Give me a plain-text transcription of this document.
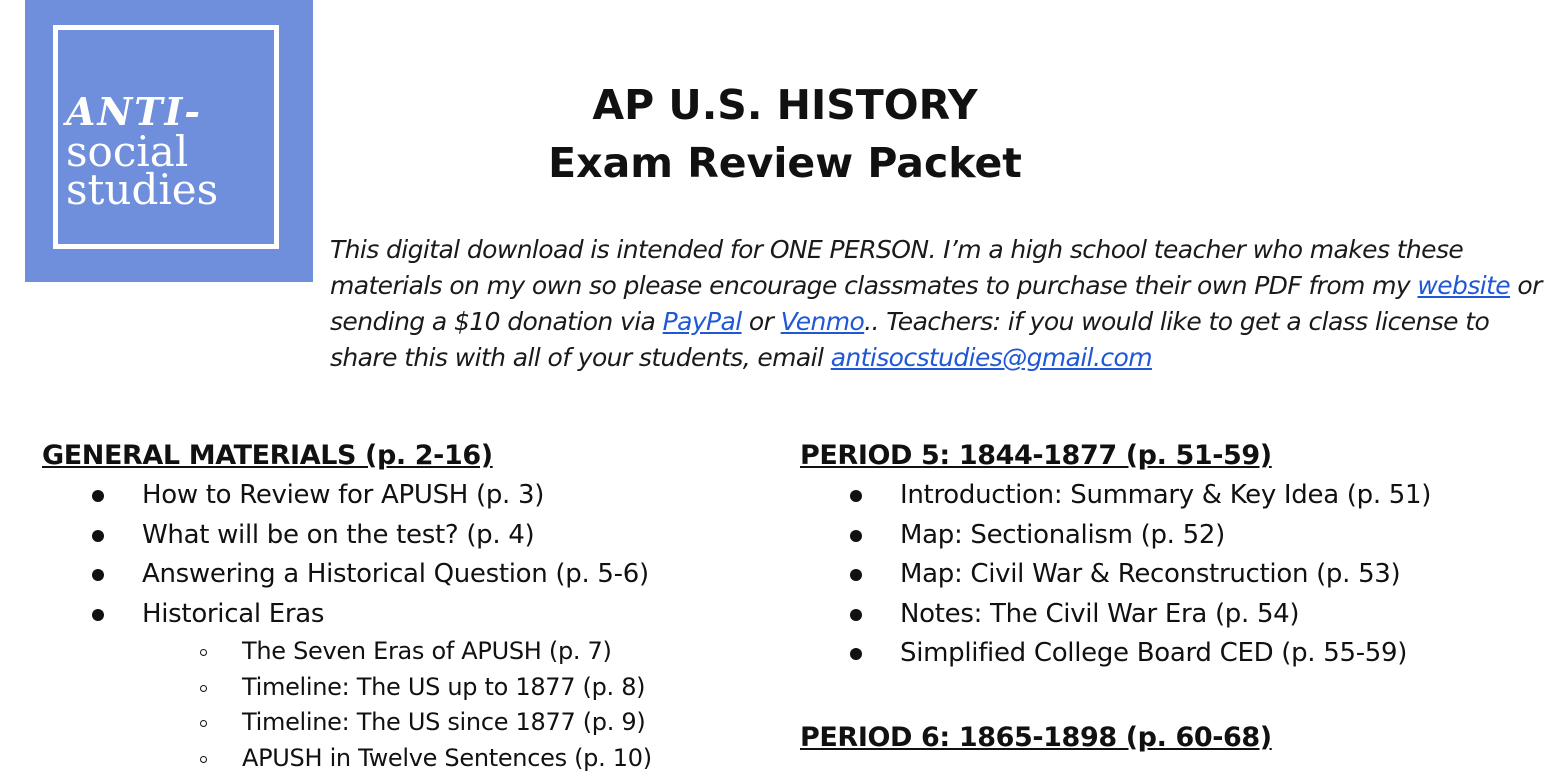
ANTI-
social
studies
AP U.S. HISTORY
Exam Review Packet

This digital download is intended for ONE PERSON. I’m a high school teacher who makes these materials on my own so please encourage classmates to purchase their own PDF from my website or sending a $10 donation via PayPal or Venmo.. Teachers: if you would like to get a class license to share this with all of your students, email antisocstudies@gmail.com

GENERAL MATERIALS (p. 2-16)
How to Review for APUSH (p. 3)
What will be on the test? (p. 4)
Answering a Historical Question (p. 5-6)
Historical Eras
The Seven Eras of APUSH (p. 7)
Timeline: The US up to 1877 (p. 8)
Timeline: The US since 1877 (p. 9)
APUSH in Twelve Sentences (p. 10)
PERIOD 5: 1844-1877 (p. 51-59)
Introduction: Summary & Key Idea (p. 51)
Map: Sectionalism (p. 52)
Map: Civil War & Reconstruction (p. 53)
Notes: The Civil War Era (p. 54)
Simplified College Board CED (p. 55-59)
PERIOD 6: 1865-1898 (p. 60-68)
